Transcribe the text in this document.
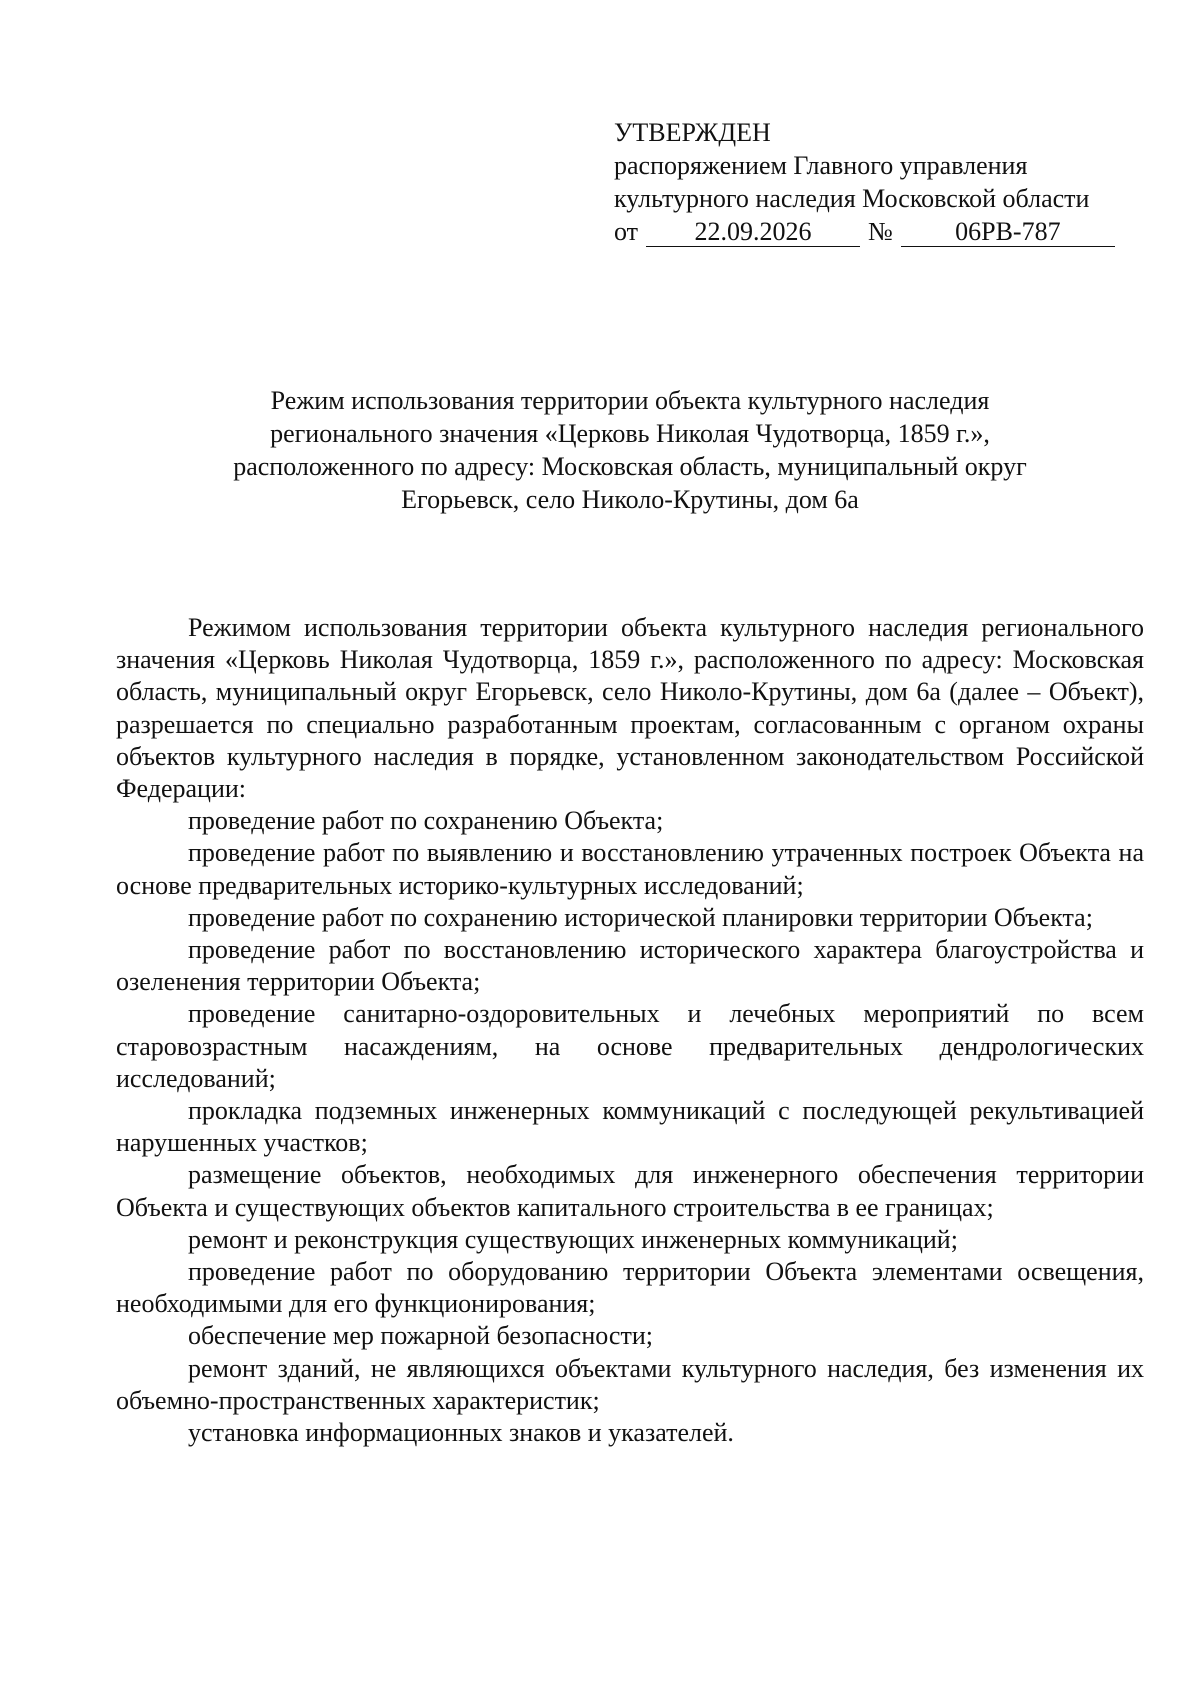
УТВЕРЖДЕН
распоряжением Главного управления
культурного наследия Московской области
от	22.09.2026	№	06РВ-787
Режим использования территории объекта культурного наследия
регионального значения «Церковь Николая Чудотворца, 1859 г.»,
расположенного по адресу: Московская область, муниципальный округ
Егорьевск, село Николо-Крутины, дом 6а

Режимом использования территории объекта культурного наследия регионального значения «Церковь Николая Чудотворца, 1859 г.», расположенного по адресу: Московская область, муниципальный округ Егорьевск, село Николо-Крутины, дом 6а (далее – Объект), разрешается по специально разработанным проектам, согласованным с органом охраны объектов культурного наследия в порядке, установленном законодательством Российской Федерации:

проведение работ по сохранению Объекта;

проведение работ по выявлению и восстановлению утраченных построек Объекта на основе предварительных историко-культурных исследований;

проведение работ по сохранению исторической планировки территории Объекта;

проведение работ по восстановлению исторического характера благоустройства и озеленения территории Объекта;

проведение санитарно-оздоровительных и лечебных мероприятий по всем старовозрастным насаждениям, на основе предварительных дендрологических исследований;

прокладка подземных инженерных коммуникаций с последующей рекультивацией нарушенных участков;

размещение объектов, необходимых для инженерного обеспечения территории Объекта и существующих объектов капитального строительства в ее границах;

ремонт и реконструкция существующих инженерных коммуникаций;

проведение работ по оборудованию территории Объекта элементами освещения, необходимыми для его функционирования;

обеспечение мер пожарной безопасности;

ремонт зданий, не являющихся объектами культурного наследия, без изменения их объемно-пространственных характеристик;

установка информационных знаков и указателей.
